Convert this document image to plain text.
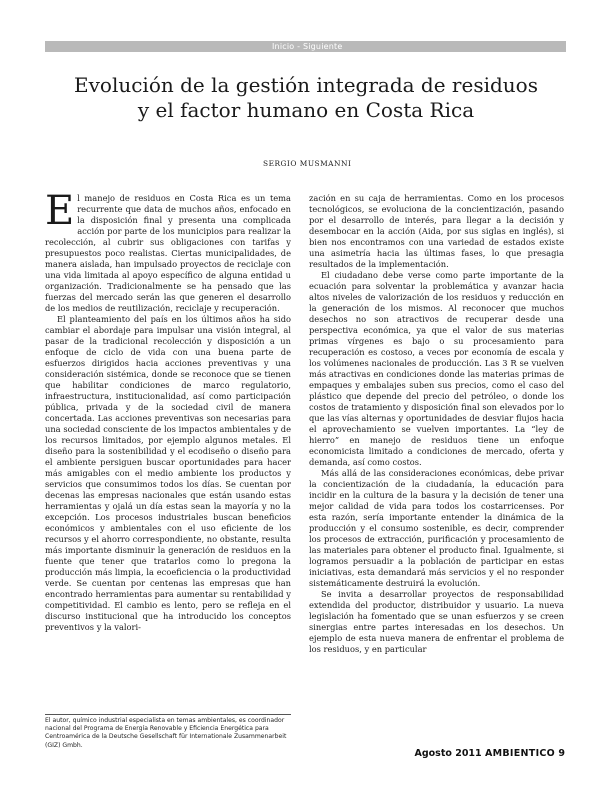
Inicio - Siguiente
Evolución de la gestión integrada de residuos
y el factor humano en Costa Rica
SERGIO MUSMANNI

El manejo de residuos en Costa Rica es un tema recurrente que data de muchos años, enfocado en la disposición final y presenta una complicada acción por parte de los municipios para realizar la recolección, al cubrir sus obligaciones con tarifas y presupuestos poco realistas. Ciertas municipalidades, de manera aislada, han impulsado proyectos de reciclaje con una vida limitada al apoyo específico de alguna entidad u organización. Tradicionalmente se ha pensado que las fuerzas del mercado serán las que generen el desarrollo de los medios de reutilización, reciclaje y recuperación.

El planteamiento del país en los últimos años ha sido cambiar el abordaje para impulsar una visión integral, al pasar de la tradicional recolección y disposición a un enfoque de ciclo de vida con una buena parte de esfuerzos dirigidos hacia acciones preventivas y una consideración sistémica, donde se reconoce que se tienen que habilitar condiciones de marco regulatorio, infraestructura, institucionalidad, así como participación pública, privada y de la sociedad civil de manera concertada. Las acciones preventivas son necesarias para una sociedad consciente de los impactos ambientales y de los recursos limitados, por ejemplo algunos metales. El diseño para la sostenibilidad y el ecodiseño o diseño para el ambiente persiguen buscar oportunidades para hacer más amigables con el medio ambiente los productos y servicios que consumimos todos los días. Se cuentan por decenas las empresas nacionales que están usando estas herramientas y ojalá un día estas sean la mayoría y no la excepción. Los procesos industriales buscan beneficios económicos y ambientales con el uso eficiente de los recursos y el ahorro correspondiente, no obstante, resulta más importante disminuir la generación de residuos en la fuente que tener que tratarlos como lo pregona la producción más limpia, la ecoeficiencia o la productividad verde. Se cuentan por centenas las empresas que han encontrado herramientas para aumentar su rentabilidad y competitividad. El cambio es lento, pero se refleja en el discurso institucional que ha introducido los conceptos preventivos y la valori-

zación en su caja de herramientas. Como en los procesos tecnológicos, se evoluciona de la concientización, pasando por el desarrollo de interés, para llegar a la decisión y desembocar en la acción (Aida, por sus siglas en inglés), si bien nos encontramos con una variedad de estados existe una asimetría hacia las últimas fases, lo que presagia resultados de la implementación.

El ciudadano debe verse como parte importante de la ecuación para solventar la problemática y avanzar hacia altos niveles de valorización de los residuos y reducción en la generación de los mismos. Al reconocer que muchos desechos no son atractivos de recuperar desde una perspectiva económica, ya que el valor de sus materias primas vírgenes es bajo o su procesamiento para recuperación es costoso, a veces por economía de escala y los volúmenes nacionales de producción. Las 3 R se vuelven más atractivas en condiciones donde las materias primas de empaques y embalajes suben sus precios, como el caso del plástico que depende del precio del petróleo, o donde los costos de tratamiento y disposición final son elevados por lo que las vías alternas y oportunidades de desviar flujos hacia el aprovechamiento se vuelven importantes. La “ley de hierro” en manejo de residuos tiene un enfoque economicista limitado a condiciones de mercado, oferta y demanda, así como costos.

Más allá de las consideraciones económicas, debe privar la concientización de la ciudadanía, la educación para incidir en la cultura de la basura y la decisión de tener una mejor calidad de vida para todos los costarricenses. Por esta razón, sería importante entender la dinámica de la producción y el consumo sostenible, es decir, comprender los procesos de extracción, purificación y procesamiento de las materiales para obtener el producto final. Igualmente, si logramos persuadir a la población de participar en estas iniciativas, esta demandará más servicios y el no responder sistemáticamente destruirá la evolución.

Se invita a desarrollar proyectos de responsabilidad extendida del productor, distribuidor y usuario. La nueva legislación ha fomentado que se unan esfuerzos y se creen sinergias entre partes interesadas en los desechos. Un ejemplo de esta nueva manera de enfrentar el problema de los residuos, y en particular

El autor, químico industrial especialista en temas ambientales, es coordinador nacional del Programa de Energía Renovable y Eficiencia Energética para Centroamérica de la Deutsche Gesellschaft für Internationale Zusammenarbeit (GIZ) Gmbh.
Agosto 2011 AMBIENTICO 9
